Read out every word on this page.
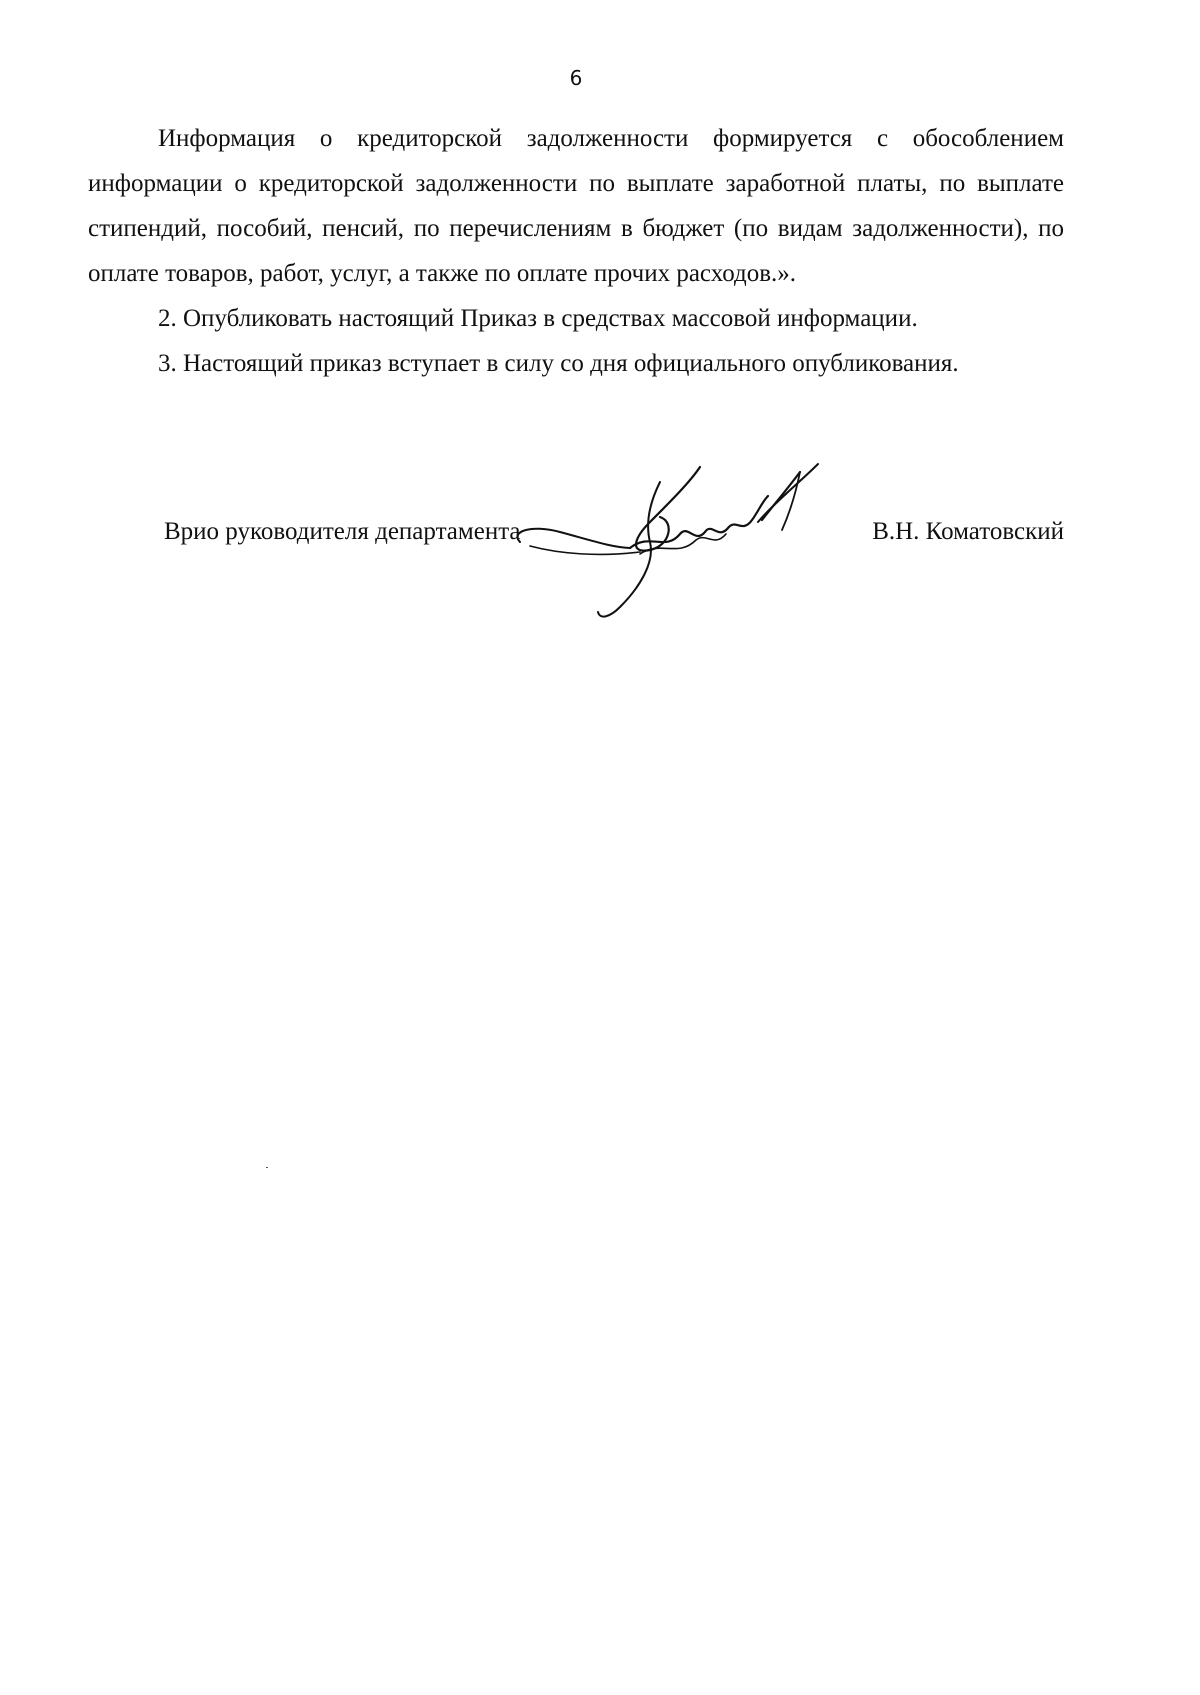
6

Информация о кредиторской задолженности формируется с обособлением информации о кредиторской задолженности по выплате заработной платы, по выплате стипендий, пособий, пенсий, по перечислениям в бюджет (по видам задолженности), по оплате товаров, работ, услуг, а также по оплате прочих расходов.».

2. Опубликовать настоящий Приказ в средствах массовой информации.

3. Настоящий приказ вступает в силу со дня официального опубликования.

Врио руководителя департамента	В.Н. Коматовский
